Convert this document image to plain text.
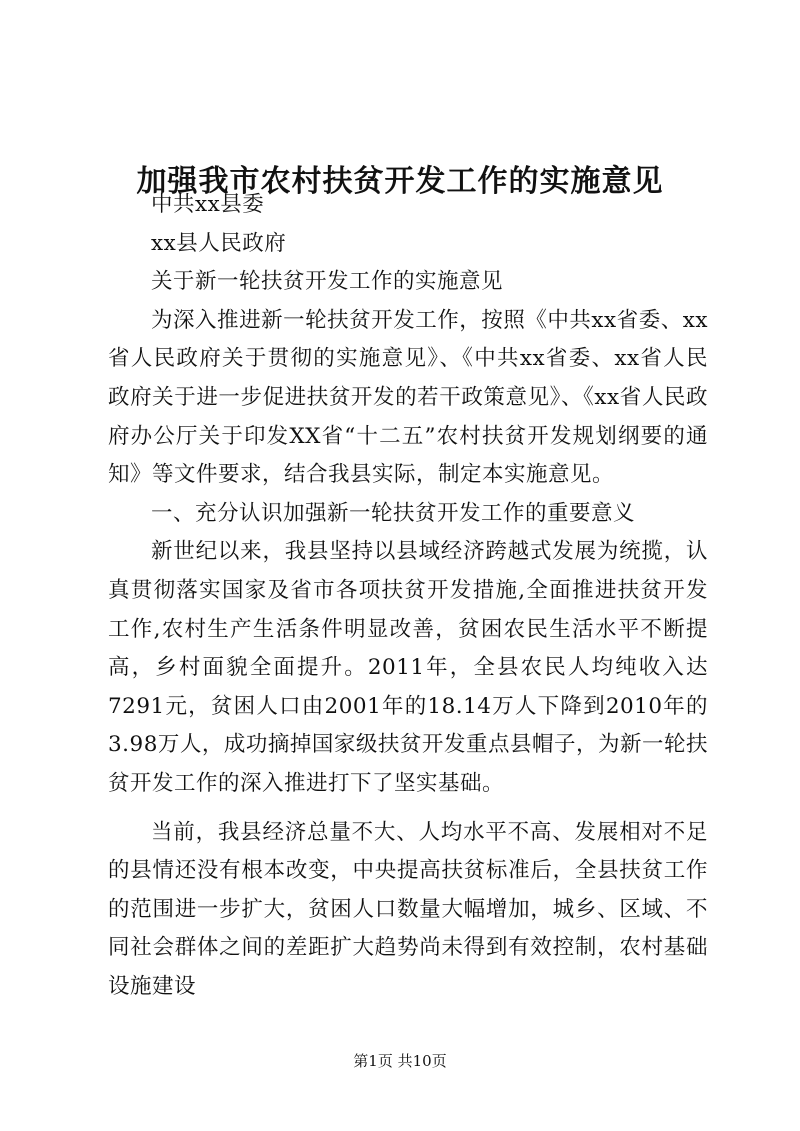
加强我市农村扶贫开发工作的实施意见

中共xx县委

xx县人民政府

关于新一轮扶贫开发工作的实施意见

为深入推进新一轮扶贫开发工作，按照《中共xx省委、xx省人民政府关于贯彻的实施意见》、《中共xx省委、xx省人民政府关于进一步促进扶贫开发的若干政策意见》、《xx省人民政府办公厅关于印发XX省“十二五”农村扶贫开发规划纲要的通知》等文件要求，结合我县实际，制定本实施意见。

一、充分认识加强新一轮扶贫开发工作的重要意义

新世纪以来，我县坚持以县域经济跨越式发展为统揽，认真贯彻落实国家及省市各项扶贫开发措施,全面推进扶贫开发工作,农村生产生活条件明显改善，贫困农民生活水平不断提高，乡村面貌全面提升。2011年，全县农民人均纯收入达7291元，贫困人口由2001年的18.14万人下降到2010年的3.98万人，成功摘掉国家级扶贫开发重点县帽子，为新一轮扶贫开发工作的深入推进打下了坚实基础。

当前，我县经济总量不大、人均水平不高、发展相对不足的县情还没有根本改变，中央提高扶贫标准后，全县扶贫工作的范围进一步扩大，贫困人口数量大幅增加，城乡、区域、不同社会群体之间的差距扩大趋势尚未得到有效控制，农村基础设施建设

第1页 共10页
